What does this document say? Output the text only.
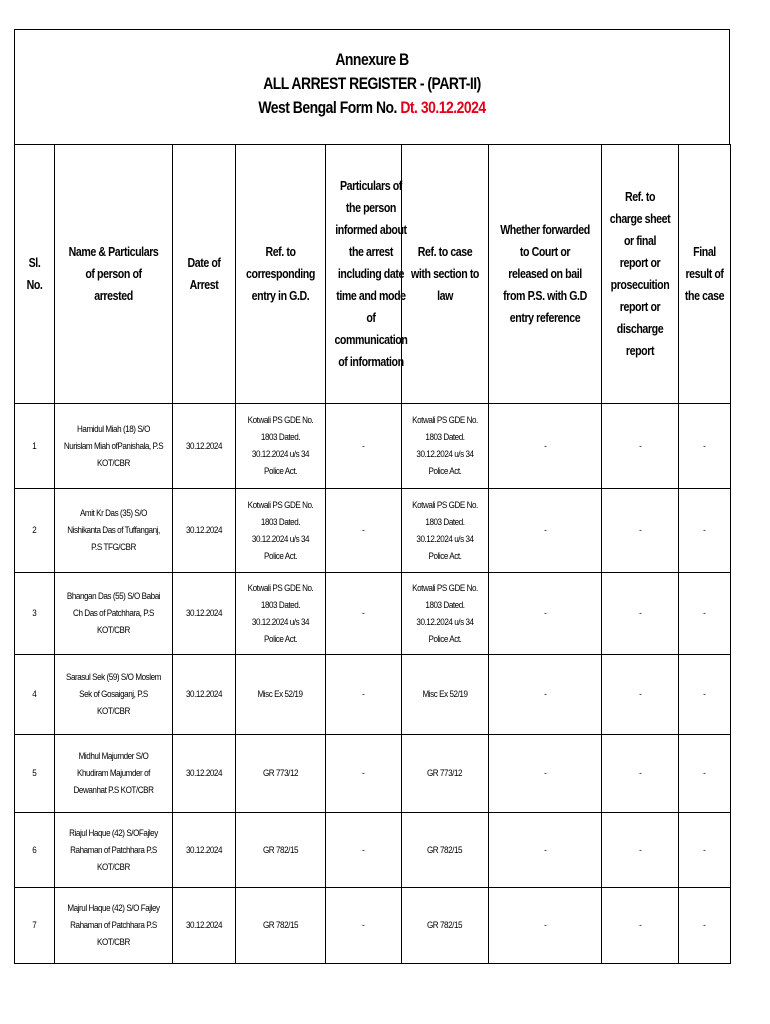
Annexure B
ALL ARREST REGISTER - (PART-II)
West Bengal Form No. Dt. 30.12.2024
Sl. No.	Name & Particulars of person of arrested	Date of Arrest	Ref. to corresponding entry in G.D.	Particulars of the person informed about the arrest including date time and mode of communication of information	Ref. to case with section to law	Whether forwarded to Court or released on bail from P.S. with G.D entry reference	Ref. to charge sheet or final report or prosecuition report or discharge report	Final result of the case
1	Hamidul Miah (18) S/O Nurislam Miah ofPanishala, P.S KOT/CBR	30.12.2024	Kotwali PS GDE No. 1803 Dated. 30.12.2024 u/s 34 Police Act.	-	Kotwali PS GDE No. 1803 Dated. 30.12.2024 u/s 34 Police Act.	-	-	-
2	Amit Kr Das (35) S/O Nishikanta Das of Tuffanganj, P.S TFG/CBR	30.12.2024	Kotwali PS GDE No. 1803 Dated. 30.12.2024 u/s 34 Police Act.	-	Kotwali PS GDE No. 1803 Dated. 30.12.2024 u/s 34 Police Act.	-	-	-
3	Bhangan Das (55) S/O Babai Ch Das of Patchhara, P.S KOT/CBR	30.12.2024	Kotwali PS GDE No. 1803 Dated. 30.12.2024 u/s 34 Police Act.	-	Kotwali PS GDE No. 1803 Dated. 30.12.2024 u/s 34 Police Act.	-	-	-
4	Sarasul Sek (59) S/O Moslem Sek of Gosaiganj, P.S KOT/CBR	30.12.2024	Misc Ex 52/19	-	Misc Ex 52/19	-	-	-
5	Midhul Majumder S/O Khudiram Majumder of Dewanhat P.S KOT/CBR	30.12.2024	GR 773/12	-	GR 773/12	-	-	-
6	Riajul Haque (42) S/OFajley Rahaman of Patchhara P.S KOT/CBR	30.12.2024	GR 782/15	-	GR 782/15	-	-	-
7	Majrul Haque (42) S/O Fajley Rahaman of Patchhara P.S KOT/CBR	30.12.2024	GR 782/15	-	GR 782/15	-	-	-
